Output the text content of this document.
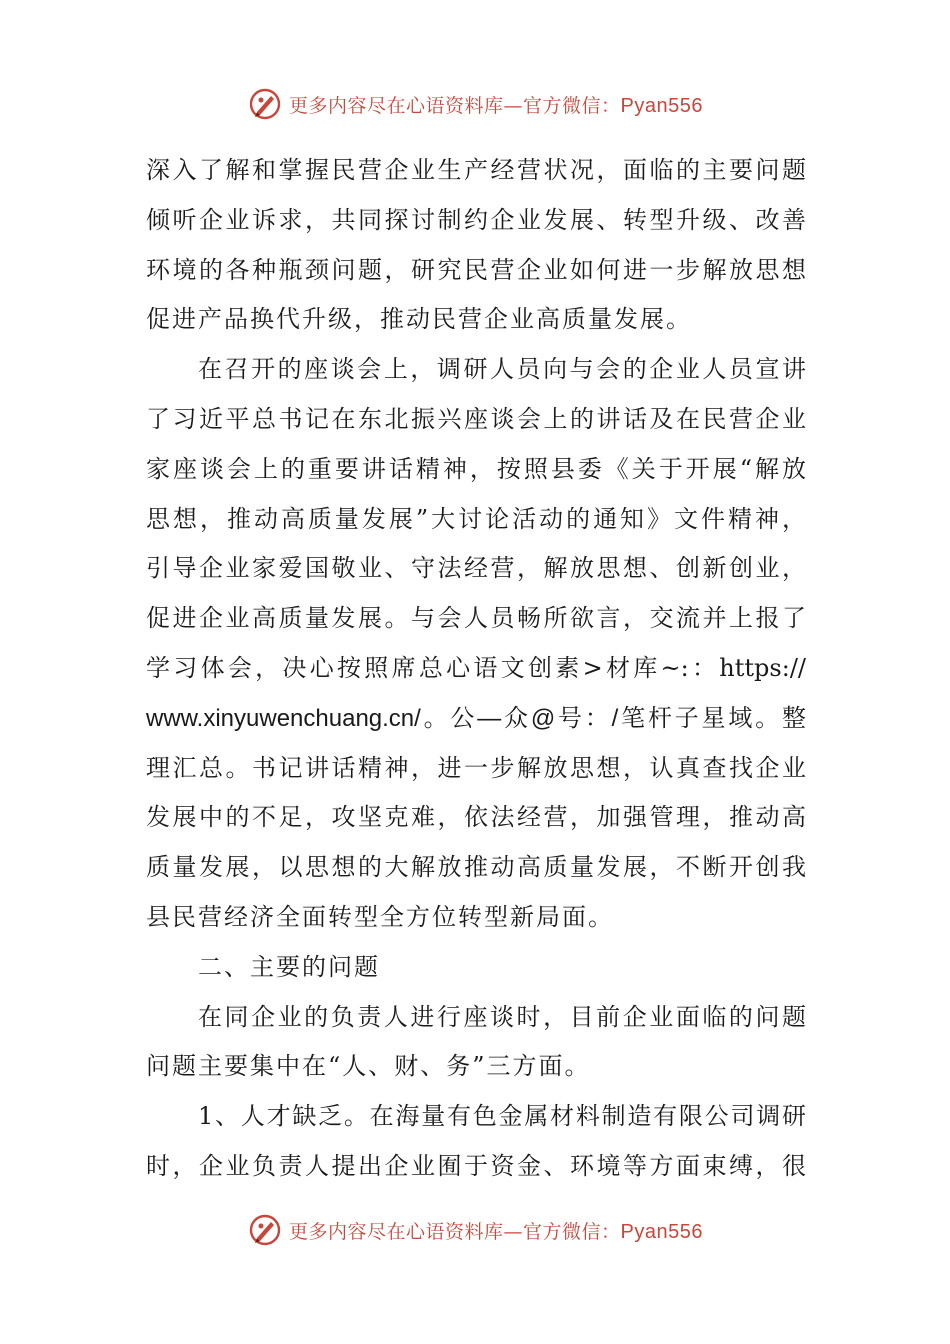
更多内容尽在心语资料库—官方微信：Pyan556
深入了解和掌握民营企业生产经营状况，面临的主要问题
倾听企业诉求，共同探讨制约企业发展、转型升级、改善
环境的各种瓶颈问题，研究民营企业如何进一步解放思想
促进产品换代升级，推动民营企业高质量发展。
在召开的座谈会上，调研人员向与会的企业人员宣讲
了习近平总书记在东北振兴座谈会上的讲话及在民营企业
家座谈会上的重要讲话精神，按照县委《关于开展“解放
思想，推动高质量发展”大讨论活动的通知》文件精神，
引导企业家爱国敬业、守法经营，解放思想、创新创业，
促进企业高质量发展。与会人员畅所欲言，交流并上报了
学习体会，决心按照席总心语文创素>材库~:：https://
www.xinyuwenchuang.cn/。公—众@号：/笔杆子星域。整
理汇总。书记讲话精神，进一步解放思想，认真查找企业
发展中的不足，攻坚克难，依法经营，加强管理，推动高
质量发展，以思想的大解放推动高质量发展，不断开创我
县民营经济全面转型全方位转型新局面。
二、主要的问题
在同企业的负责人进行座谈时，目前企业面临的问题
问题主要集中在“人、财、务”三方面。
1、人才缺乏。在海量有色金属材料制造有限公司调研
时，企业负责人提出企业囿于资金、环境等方面束缚，很
更多内容尽在心语资料库—官方微信：Pyan556
